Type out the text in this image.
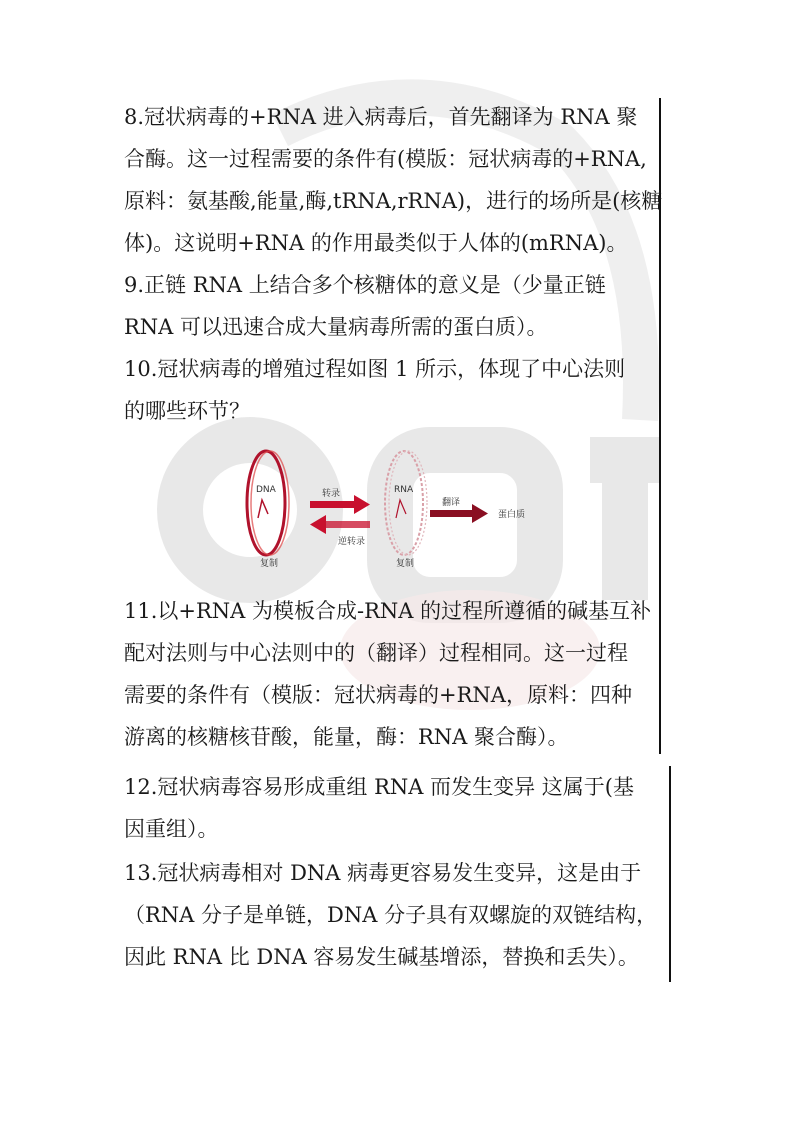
8.冠状病毒的+RNA 进入病毒后，首先翻译为 RNA 聚
合酶。这一过程需要的条件有(模版：冠状病毒的+RNA,
原料：氨基酸,能量,酶,tRNA,rRNA)，进行的场所是(核糖
体)。这说明+RNA 的作用最类似于人体的(mRNA)。
9.正链 RNA 上结合多个核糖体的意义是（少量正链
RNA 可以迅速合成大量病毒所需的蛋白质）。
10.冠状病毒的增殖过程如图 1 所示，体现了中心法则
的哪些环节？
DNA
复制
转录
逆转录
RNA
复制
翻译
蛋白质
11.以+RNA 为模板合成-RNA 的过程所遵循的碱基互补
配对法则与中心法则中的（翻译）过程相同。这一过程
需要的条件有（模版：冠状病毒的+RNA，原料：四种
游离的核糖核苷酸，能量，酶：RNA 聚合酶）。
12.冠状病毒容易形成重组 RNA 而发生变异 这属于(基
因重组）。
13.冠状病毒相对 DNA 病毒更容易发生变异，这是由于
（RNA 分子是单链，DNA 分子具有双螺旋的双链结构，
因此 RNA 比 DNA 容易发生碱基增添，替换和丢失）。
